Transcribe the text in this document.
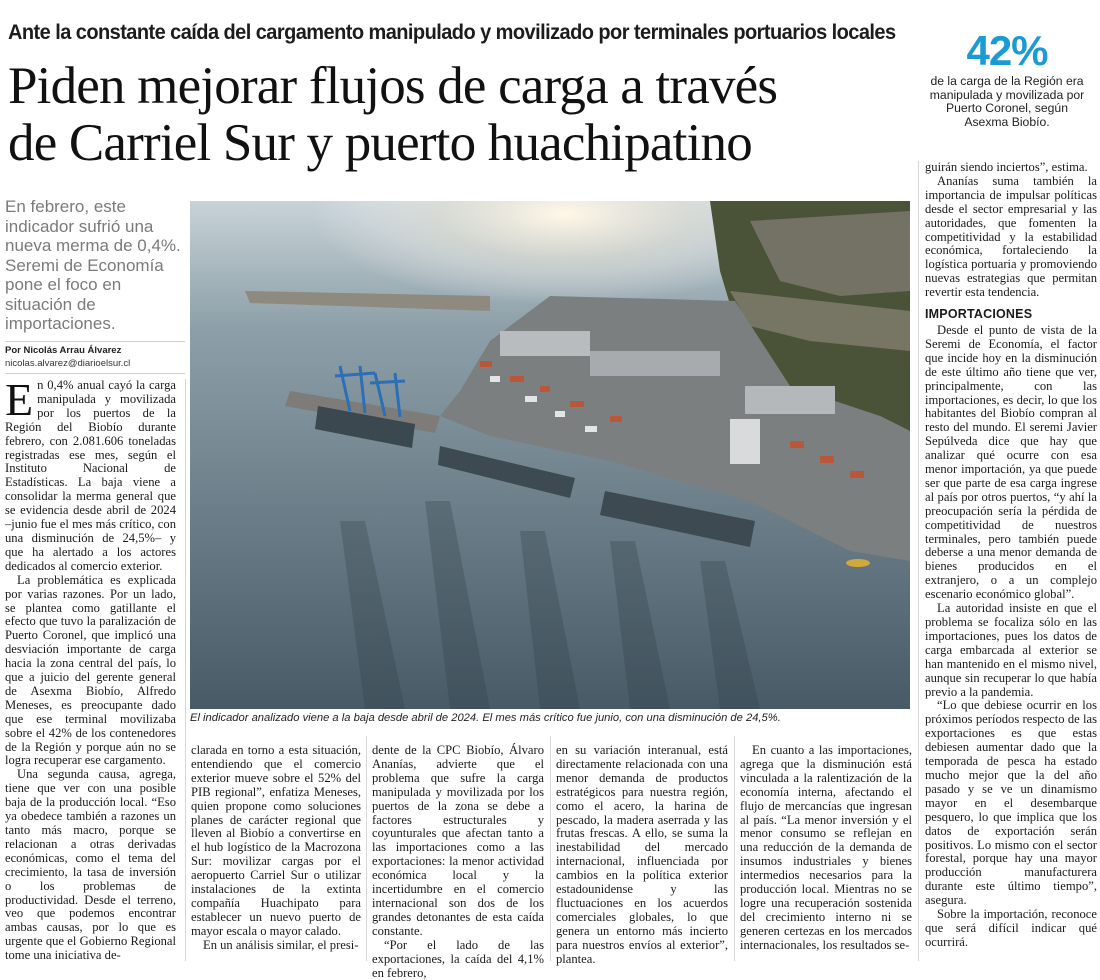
Ante la constante caída del cargamento manipulado y movilizado por terminales portuarios locales
Piden mejorar flujos de carga a través
de Carriel Sur y puerto huachipatino
42%
de la carga de la Región era manipulada y movilizada por Puerto Coronel, según Asexma Biobío.
En febrero, este indicador sufrió una nueva merma de 0,4%. Seremi de Economía pone el foco en situación de importaciones.
Por Nicolás Arrau Álvarez
nicolas.alvarez@diarioelsur.cl
El indicador analizado viene a la baja desde abril de 2024. El mes más crítico fue junio, con una disminución de 24,5%.

En 0,4% anual cayó la carga manipulada y movilizada por los puertos de la Región del Biobío durante febrero, con 2.081.606 toneladas registradas ese mes, según el Instituto Nacional de Estadísticas. La baja viene a consolidar la merma general que se evidencia desde abril de 2024 –junio fue el mes más crítico, con una disminución de 24,5%– y que ha alertado a los actores dedicados al comercio exterior.

La problemática es explicada por varias razones. Por un lado, se plantea como gatillante el efecto que tuvo la paralización de Puerto Coronel, que implicó una desviación importante de carga hacia la zona central del país, lo que a juicio del gerente general de Asexma Biobío, Alfredo Meneses, es preocupante dado que ese terminal movilizaba sobre el 42% de los contenedores de la Región y porque aún no se logra recuperar ese cargamento.

Una segunda causa, agrega, tiene que ver con una posible baja de la producción local. “Eso ya obedece también a razones un tanto más macro, porque se relacionan a otras derivadas económicas, como el tema del crecimiento, la tasa de inversión o los problemas de productividad. Desde el terreno, veo que podemos encontrar ambas causas, por lo que es urgente que el Gobierno Regional tome una iniciativa de-

clarada en torno a esta situación, entendiendo que el comercio exterior mueve sobre el 52% del PIB regional”, enfatiza Meneses, quien propone como soluciones planes de carácter regional que lleven al Biobío a convertirse en el hub logístico de la Macrozona Sur: movilizar cargas por el aeropuerto Carriel Sur o utilizar instalaciones de la extinta compañía Huachipato para establecer un nuevo puerto de mayor escala o mayor calado.

En un análisis similar, el presi-

dente de la CPC Biobío, Álvaro Ananías, advierte que el problema que sufre la carga manipulada y movilizada por los puertos de la zona se debe a factores estructurales y coyunturales que afectan tanto a las importaciones como a las exportaciones: la menor actividad económica local y la incertidumbre en el comercio internacional son dos de los grandes detonantes de esta caída constante.

“Por el lado de las exportaciones, la caída del 4,1% en febrero,

en su variación interanual, está directamente relacionada con una menor demanda de productos estratégicos para nuestra región, como el acero, la harina de pescado, la madera aserrada y las frutas frescas. A ello, se suma la inestabilidad del mercado internacional, influenciada por cambios en la política exterior estadounidense y las fluctuaciones en los acuerdos comerciales globales, lo que genera un entorno más incierto para nuestros envíos al exterior”, plantea.

En cuanto a las importaciones, agrega que la disminución está vinculada a la ralentización de la economía interna, afectando el flujo de mercancías que ingresan al país. “La menor inversión y el menor consumo se reflejan en una reducción de la demanda de insumos industriales y bienes intermedios necesarios para la producción local. Mientras no se logre una recuperación sostenida del crecimiento interno ni se generen certezas en los mercados internacionales, los resultados se-

guirán siendo inciertos”, estima.

Ananías suma también la importancia de impulsar políticas desde el sector empresarial y las autoridades, que fomenten la competitividad y la estabilidad económica, fortaleciendo la logística portuaria y promoviendo nuevas estrategias que permitan revertir esta tendencia.

IMPORTACIONES

Desde el punto de vista de la Seremi de Economía, el factor que incide hoy en la disminución de este último año tiene que ver, principalmente, con las importaciones, es decir, lo que los habitantes del Biobío compran al resto del mundo. El seremi Javier Sepúlveda dice que hay que analizar qué ocurre con esa menor importación, ya que puede ser que parte de esa carga ingrese al país por otros puertos, “y ahí la preocupación sería la pérdida de competitividad de nuestros terminales, pero también puede deberse a una menor demanda de bienes producidos en el extranjero, o a un complejo escenario económico global”.

La autoridad insiste en que el problema se focaliza sólo en las importaciones, pues los datos de carga embarcada al exterior se han mantenido en el mismo nivel, aunque sin recuperar lo que había previo a la pandemia.

“Lo que debiese ocurrir en los próximos períodos respecto de las exportaciones es que estas debiesen aumentar dado que la temporada de pesca ha estado mucho mejor que la del año pasado y se ve un dinamismo mayor en el desembarque pesquero, lo que implica que los datos de exportación serán positivos. Lo mismo con el sector forestal, porque hay una mayor producción manufacturera durante este último tiempo”, asegura.

Sobre la importación, reconoce que será difícil indicar qué ocurrirá.
